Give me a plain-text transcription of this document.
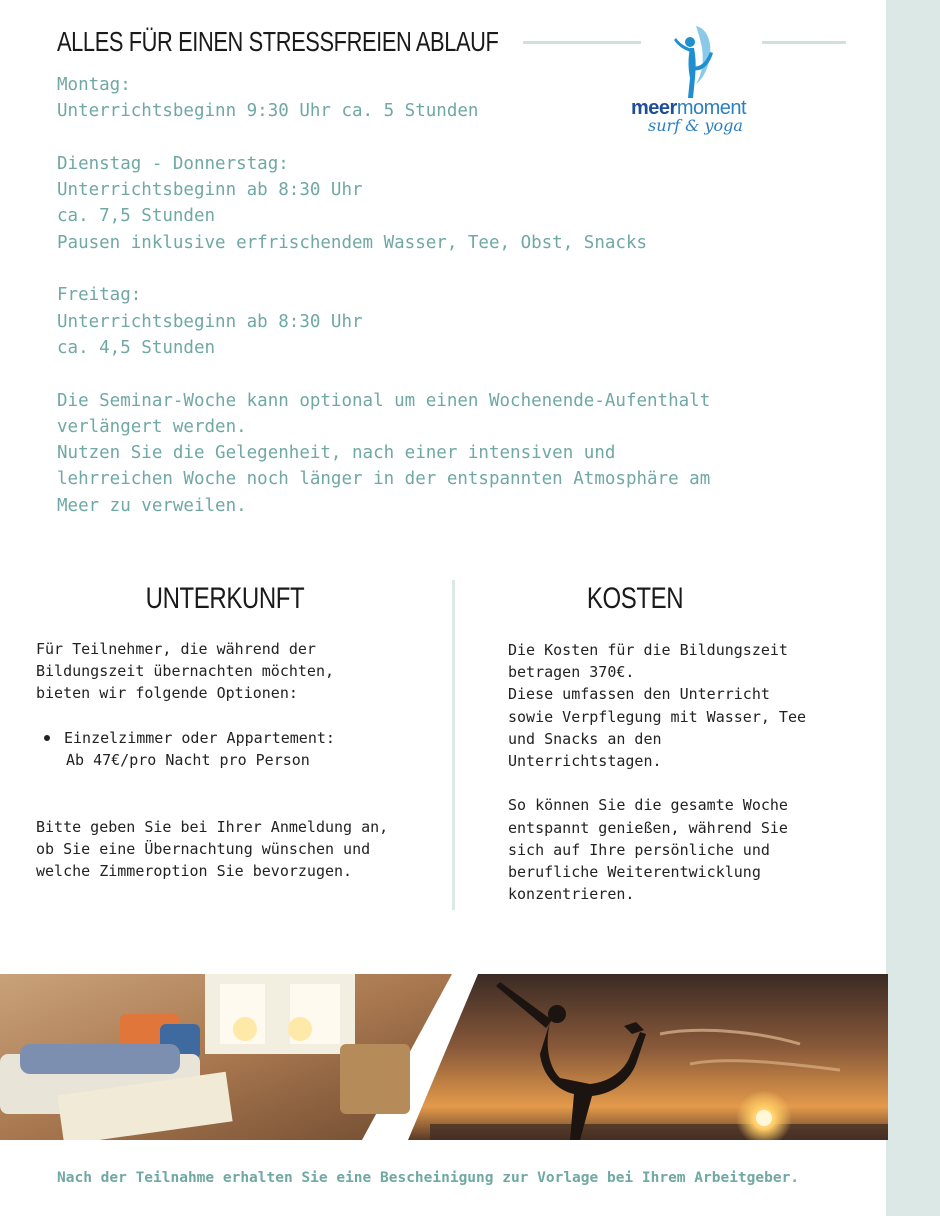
ALLES FÜR EINEN STRESSFREIEN ABLAUF
meermoment
surf & yoga

Montag:

Unterrichtsbeginn 9:30 Uhr ca. 5 Stunden

Dienstag - Donnerstag:

Unterrichtsbeginn ab 8:30 Uhr

ca. 7,5 Stunden

Pausen inklusive erfrischendem Wasser, Tee, Obst, Snacks

Freitag:

Unterrichtsbeginn ab 8:30 Uhr

ca. 4,5 Stunden

Die Seminar-Woche kann optional um einen Wochenende-Aufenthalt

verlängert werden.

Nutzen Sie die Gelegenheit, nach einer intensiven und

lehrreichen Woche noch länger in der entspannten Atmosphäre am

Meer zu verweilen.

UNTERKUNFT	KOSTEN

Für Teilnehmer, die während der

Bildungszeit übernachten möchten,

bieten wir folgende Optionen:

Einzelzimmer oder Appartement:

Ab 47€/pro Nacht pro Person

Bitte geben Sie bei Ihrer Anmeldung an,

ob Sie eine Übernachtung wünschen und

welche Zimmeroption Sie bevorzugen.

Die Kosten für die Bildungszeit

betragen 370€.

Diese umfassen den Unterricht

sowie Verpflegung mit Wasser, Tee

und Snacks an den

Unterrichtstagen.

So können Sie die gesamte Woche

entspannt genießen, während Sie

sich auf Ihre persönliche und

berufliche Weiterentwicklung

konzentrieren.

Nach der Teilnahme erhalten Sie eine Bescheinigung zur Vorlage bei Ihrem Arbeitgeber.
